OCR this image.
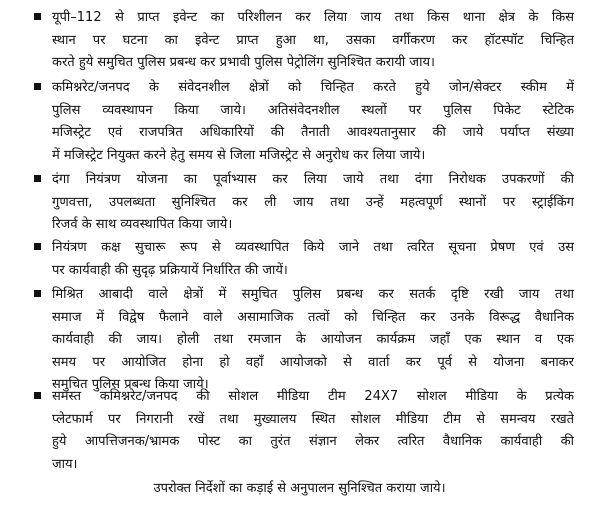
यूपी–112 से प्राप्त इवेन्ट का परिशीलन कर लिया जाय तथा किस थाना क्षेत्र के किस
स्थान पर घटना का इवेन्ट प्राप्त हुआ था, उसका वर्गीकरण कर हॉटस्पॉट चिन्हित
करते हुये समुचित पुलिस प्रबन्ध कर प्रभावी पुलिस पेट्रोलिंग सुनिश्चित करायी जाय।
कमिश्नरेट/जनपद के संवेदनशील क्षेत्रों को चिन्हित करते हुये जोन/सेक्टर स्कीम में
पुलिस व्यवस्थापन किया जाये। अतिसंवेदनशील स्थलों पर पुलिस पिकेट स्टेटिक
मजिस्ट्रेट एवं राजपत्रित अधिकारियों की तैनाती आवश्यतानुसार की जाये पर्याप्त संख्या
में मजिस्ट्रेट नियुक्त करने हेतु समय से जिला मजिस्ट्रेट से अनुरोध कर लिया जाये।
दंगा नियंत्रण योजना का पूर्वाभ्यास कर लिया जाये तथा दंगा निरोधक उपकरणों की
गुणवत्ता, उपलब्धता सुनिश्चित कर ली जाय तथा उन्हें महत्वपूर्ण स्थानों पर स्ट्राईकिंग
रिजर्व के साथ व्यवस्थापित किया जाये।
नियंत्रण कक्ष सुचारू रूप से व्यवस्थापित किये जाने तथा त्वरित सूचना प्रेषण एवं उस
पर कार्यवाही की सुदृढ़ प्रक्रियायें निर्धारित की जायें।
मिश्रित आबादी वाले क्षेत्रों में समुचित पुलिस प्रबन्ध कर सतर्क दृष्टि रखी जाय तथा
समाज में विद्वेष फैलाने वाले असामाजिक तत्वों को चिन्हित कर उनके विरूद्ध वैधानिक
कार्यवाही की जाय। होली तथा रमजान के आयोजन कार्यक्रम जहाँ एक स्थान व एक
समय पर आयोजित होना हो वहाँ आयोजको से वार्ता कर पूर्व से योजना बनाकर
समुचित पुलिस प्रबन्ध किया जाये।
समस्त कमिश्नरेट/जनपद की सोशल मीडिया टीम 24X7 सोशल मीडिया के प्रत्येक
प्लेटफार्म पर निगरानी रखें तथा मुख्यालय स्थित सोशल मीडिया टीम से समन्वय रखते
हुये आपत्तिजनक/भ्रामक पोस्ट का तुरंत संज्ञान लेकर त्वरित वैधानिक कार्यवाही की
जाय।
उपरोक्त निर्देशों का कड़ाई से अनुपालन सुनिश्चित कराया जाये।
